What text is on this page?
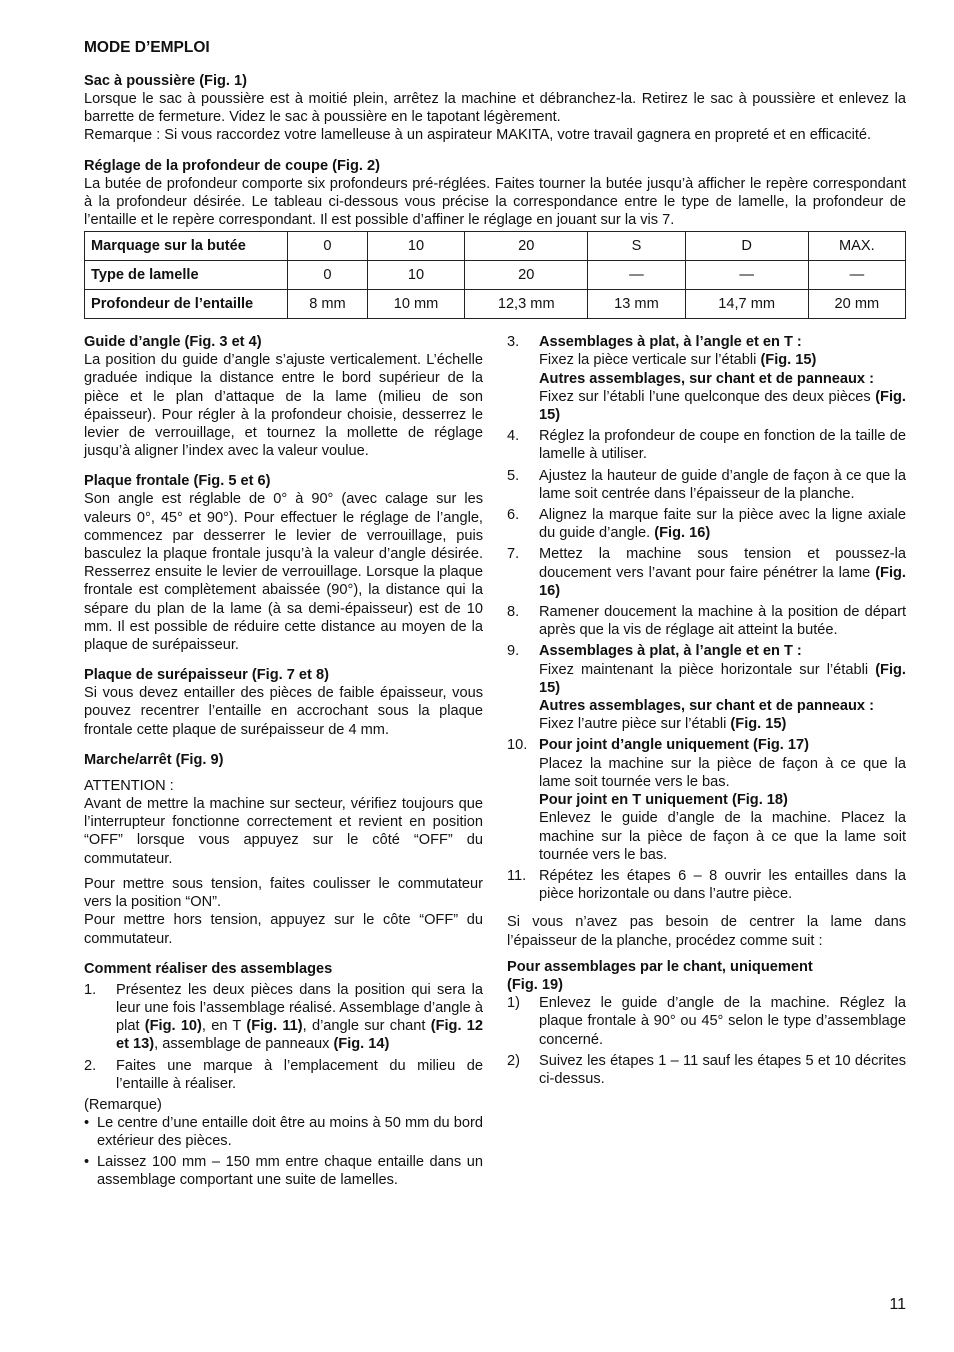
MODE D’EMPLOI
Sac à poussière (Fig. 1)

Lorsque le sac à poussière est à moitié plein, arrêtez la machine et débranchez-la. Retirez le sac à poussière et enlevez la barrette de fermeture. Videz le sac à poussière en le tapotant légèrement.

Remarque : Si vous raccordez votre lamelleuse à un aspirateur MAKITA, votre travail gagnera en propreté et en efficacité.

Réglage de la profondeur de coupe (Fig. 2)

La butée de profondeur comporte six profondeurs pré-réglées. Faites tourner la butée jusqu’à afficher le repère correspondant à la profondeur désirée. Le tableau ci-dessous vous précise la correspondance entre le type de lamelle, la profondeur de l’entaille et le repère correspondant. Il est possible d’affiner le réglage en jouant sur la vis 7.

Marquage sur la butée	0	10	20	S	D	MAX.
Type de lamelle	0	10	20	—	—	—
Profondeur de l’entaille	8 mm	10 mm	12,3 mm	13 mm	14,7 mm	20 mm
Guide d’angle (Fig. 3 et 4)

La position du guide d’angle s’ajuste verticalement. L’échelle graduée indique la distance entre le bord supérieur de la pièce et le plan d’attaque de la lame (milieu de son épaisseur). Pour régler à la profondeur choisie, desserrez le levier de verrouillage, et tournez la mollette de réglage jusqu’à aligner l’index avec la valeur voulue.

Plaque frontale (Fig. 5 et 6)

Son angle est réglable de 0° à 90° (avec calage sur les valeurs 0°, 45° et 90°). Pour effectuer le réglage de l’angle, commencez par desserrer le levier de verrouillage, puis basculez la plaque frontale jusqu’à la valeur d’angle désirée. Resserrez ensuite le levier de verrouillage. Lorsque la plaque frontale est complètement abaissée (90°), la distance qui la sépare du plan de la lame (à sa demi-épaisseur) est de 10 mm. Il est possible de réduire cette distance au moyen de la plaque de surépaisseur.

Plaque de surépaisseur (Fig. 7 et 8)

Si vous devez entailler des pièces de faible épaisseur, vous pouvez recentrer l’entaille en accrochant sous la plaque frontale cette plaque de surépaisseur de 4 mm.

Marche/arrêt (Fig. 9)

ATTENTION :

Avant de mettre la machine sur secteur, vérifiez toujours que l’interrupteur fonctionne correctement et revient en position “OFF” lorsque vous appuyez sur le côté “OFF” du commutateur.

Pour mettre sous tension, faites coulisser le commutateur vers la position “ON”.

Pour mettre hors tension, appuyez sur le côte “OFF” du commutateur.

Comment réaliser des assemblages
1.	Présentez les deux pièces dans la position qui sera la leur une fois l’assemblage réalisé. Assemblage d’angle à plat (Fig. 10), en T (Fig. 11), d’angle sur chant (Fig. 12 et 13), assemblage de panneaux (Fig. 14)
2.	Faites une marque à l’emplacement du milieu de l’entaille à réaliser.

(Remarque)

• Le centre d’une entaille doit être au moins à 50 mm du bord extérieur des pièces.
• Laissez 100 mm – 150 mm entre chaque entaille dans un assemblage comportant une suite de lamelles.
3.	Assemblages à plat, à l’angle et en T :
Fixez la pièce verticale sur l’établi (Fig. 15)
Autres assemblages, sur chant et de panneaux :
Fixez sur l’établi l’une quelconque des deux pièces (Fig. 15)
4.	Réglez la profondeur de coupe en fonction de la taille de lamelle à utiliser.
5.	Ajustez la hauteur de guide d’angle de façon à ce que la lame soit centrée dans l’épaisseur de la planche.
6.	Alignez la marque faite sur la pièce avec la ligne axiale du guide d’angle. (Fig. 16)
7.	Mettez la machine sous tension et poussez-la doucement vers l’avant pour faire pénétrer la lame (Fig. 16)
8.	Ramener doucement la machine à la position de départ après que la vis de réglage ait atteint la butée.
9.	Assemblages à plat, à l’angle et en T :
Fixez maintenant la pièce horizontale sur l’établi (Fig. 15)
Autres assemblages, sur chant et de panneaux :
Fixez l’autre pièce sur l’établi (Fig. 15)
10. Pour joint d’angle uniquement (Fig. 17)
Placez la machine sur la pièce de façon à ce que la lame soit tournée vers le bas.
Pour joint en T uniquement (Fig. 18)
Enlevez le guide d’angle de la machine. Placez la machine sur la pièce de façon à ce que la lame soit tournée vers le bas.
11. Répétez les étapes 6 – 8 ouvrir les entailles dans la pièce horizontale ou dans l’autre pièce.

Si vous n’avez pas besoin de centrer la lame dans l’épaisseur de la planche, procédez comme suit :

Pour assemblages par le chant, uniquement (Fig. 19)

1)	Enlevez le guide d’angle de la machine. Réglez la plaque frontale à 90° ou 45° selon le type d’assemblage concerné.
2)	Suivez les étapes 1 – 11 sauf les étapes 5 et 10 décrites ci-dessus.
11
